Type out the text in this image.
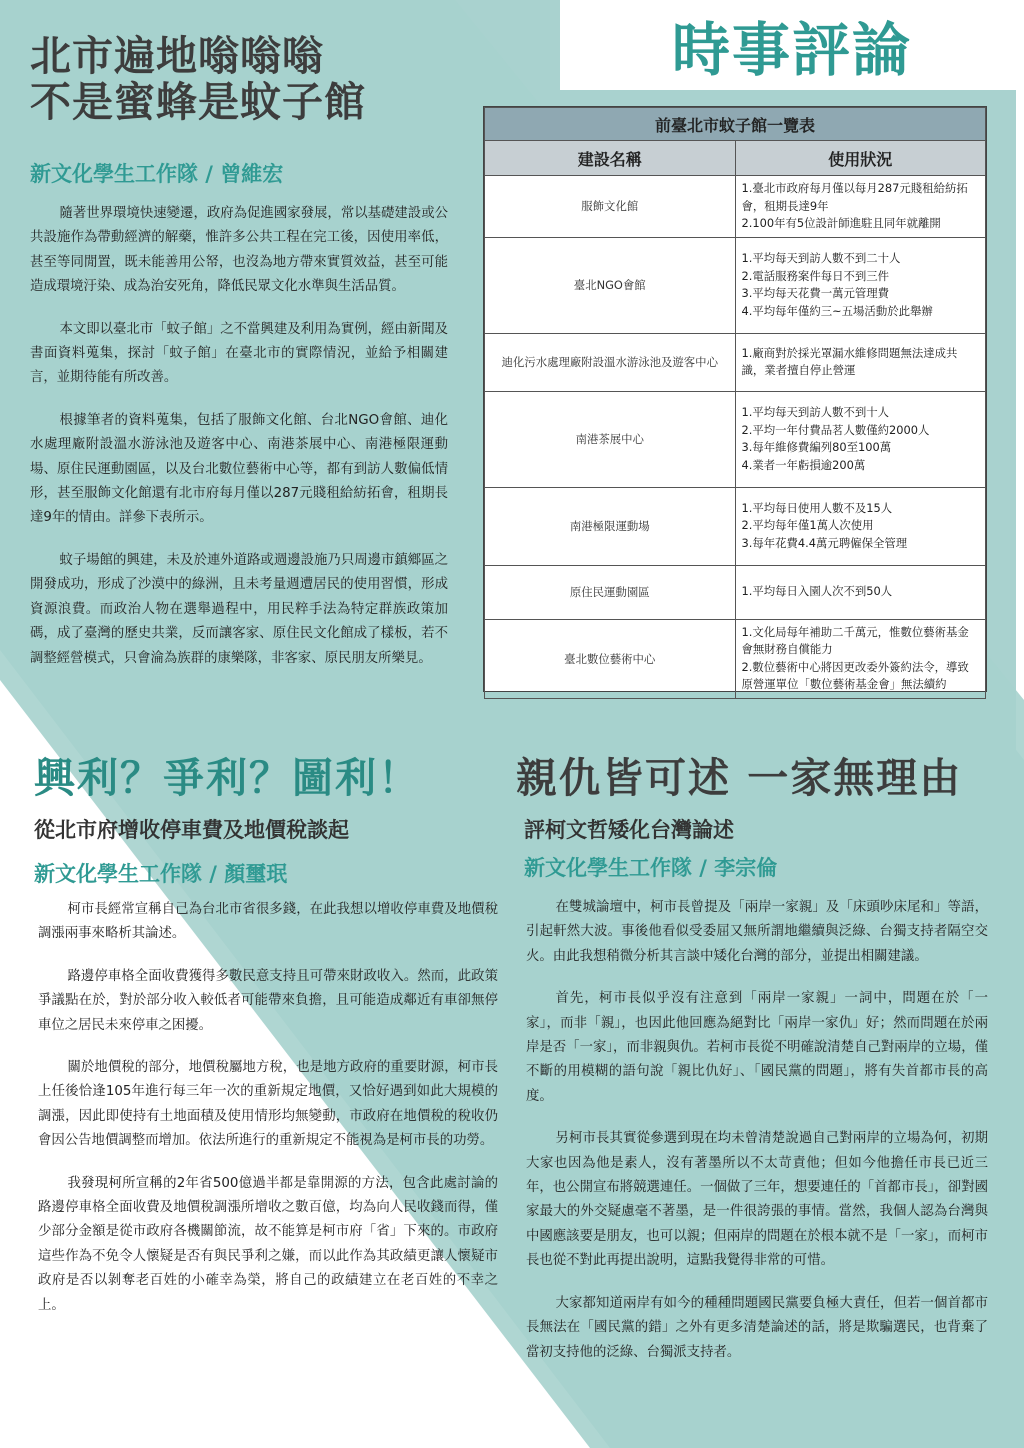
時事評論
北市遍地嗡嗡嗡
不是蜜蜂是蚊子館
新文化學生工作隊 / 曾維宏

隨著世界環境快速變遷，政府為促進國家發展，常以基礎建設或公共設施作為帶動經濟的解藥，惟許多公共工程在完工後，因使用率低，甚至等同閒置，既未能善用公帑，也沒為地方帶來實質效益，甚至可能造成環境汙染、成為治安死角，降低民眾文化水準與生活品質。

本文即以臺北市「蚊子館」之不當興建及利用為實例，經由新聞及書面資料蒐集，探討「蚊子館」在臺北市的實際情況，並給予相關建言，並期待能有所改善。

根據筆者的資料蒐集，包括了服飾文化館、台北NGO會館、迪化水處理廠附設溫水游泳池及遊客中心、南港茶展中心、南港極限運動場、原住民運動園區，以及台北數位藝術中心等，都有到訪人數偏低情形，甚至服飾文化館還有北市府每月僅以287元賤租給紡拓會，租期長達9年的情由。詳參下表所示。

蚊子場館的興建，未及於連外道路或週邊設施乃只周邊市鎮鄉區之開發成功，形成了沙漠中的綠洲，且未考量週遭居民的使用習慣，形成資源浪費。而政治人物在選舉過程中，用民粹手法為特定群族政策加碼，成了臺灣的歷史共業，反而讓客家、原住民文化館成了樣板，若不調整經營模式，只會淪為族群的康樂隊，非客家、原民朋友所樂見。

前臺北市蚊子館一覽表	
建設名稱	使用狀況
服飾文化館	1.臺北市政府每月僅以每月287元賤租給紡拓會，租期長達9年
2.100年有5位設計師進駐且同年就離開

臺北NGO會館	1.平均每天到訪人數不到二十人
2.電話服務案件每日不到三件
3.平均每天花費一萬元管理費
4.平均每年僅約三~五場活動於此舉辦

迪化污水處理廠附設溫水游泳池及遊客中心	1.廠商對於採光罩漏水維修問題無法達成共識，業者擅自停止營運

南港茶展中心	1.平均每天到訪人數不到十人
2.平均一年付費品茗人數僅約2000人
3.每年維修費編列80至100萬
4.業者一年虧損逾200萬

南港極限運動場	1.平均每日使用人數不及15人
2.平均每年僅1萬人次使用
3.每年花費4.4萬元聘僱保全管理

原住民運動園區	1.平均每日入園人次不到50人

臺北數位藝術中心	1.文化局每年補助二千萬元，惟數位藝術基金會無財務自償能力
2.數位藝術中心將因更改委外簽約法令，導致原營運單位「數位藝術基金會」無法續約
興利？爭利？圖利！
從北市府增收停車費及地價稅談起
新文化學生工作隊 / 顏璽珉

柯市長經常宣稱自己為台北市省很多錢，在此我想以增收停車費及地價稅調漲兩事來略析其論述。

路邊停車格全面收費獲得多數民意支持且可帶來財政收入。然而，此政策爭議點在於，對於部分收入較低者可能帶來負擔，且可能造成鄰近有車卻無停車位之居民未來停車之困擾。

關於地價稅的部分，地價稅屬地方稅，也是地方政府的重要財源，柯市長上任後恰逢105年進行每三年一次的重新規定地價，又恰好遇到如此大規模的調漲，因此即使持有土地面積及使用情形均無變動，市政府在地價稅的稅收仍會因公告地價調整而增加。依法所進行的重新規定不能視為是柯市長的功勞。

我發現柯所宣稱的2年省500億過半都是靠開源的方法，包含此處討論的路邊停車格全面收費及地價稅調漲所增收之數百億，均為向人民收錢而得，僅少部分金額是從市政府各機關節流，故不能算是柯市府「省」下來的。市政府這些作為不免令人懷疑是否有與民爭利之嫌，而以此作為其政績更讓人懷疑市政府是否以剝奪老百姓的小確幸為榮，將自己的政績建立在老百姓的不幸之上。

親仇皆可述 一家無理由
評柯文哲矮化台灣論述
新文化學生工作隊 / 李宗倫

在雙城論壇中，柯市長曾提及「兩岸一家親」及「床頭吵床尾和」等語，引起軒然大波。事後他看似受委屈又無所謂地繼續與泛綠、台獨支持者隔空交火。由此我想稍微分析其言談中矮化台灣的部分，並提出相關建議。

首先，柯市長似乎沒有注意到「兩岸一家親」一詞中，問題在於「一家」，而非「親」，也因此他回應為絕對比「兩岸一家仇」好；然而問題在於兩岸是否「一家」，而非親與仇。若柯市長從不明確說清楚自己對兩岸的立場，僅不斷的用模糊的語句說「親比仇好」、「國民黨的問題」，將有失首都市長的高度。

另柯市長其實從參選到現在均未曾清楚說過自己對兩岸的立場為何，初期大家也因為他是素人，沒有著墨所以不太苛責他；但如今他擔任市長已近三年，也公開宣布將競選連任。一個做了三年，想要連任的「首都市長」，卻對國家最大的外交疑慮毫不著墨，是一件很誇張的事情。當然，我個人認為台灣與中國應該要是朋友，也可以親；但兩岸的問題在於根本就不是「一家」，而柯市長也從不對此再提出說明，這點我覺得非常的可惜。

大家都知道兩岸有如今的種種問題國民黨要負極大責任，但若一個首都市長無法在「國民黨的錯」之外有更多清楚論述的話，將是欺騙選民，也背棄了當初支持他的泛綠、台獨派支持者。
